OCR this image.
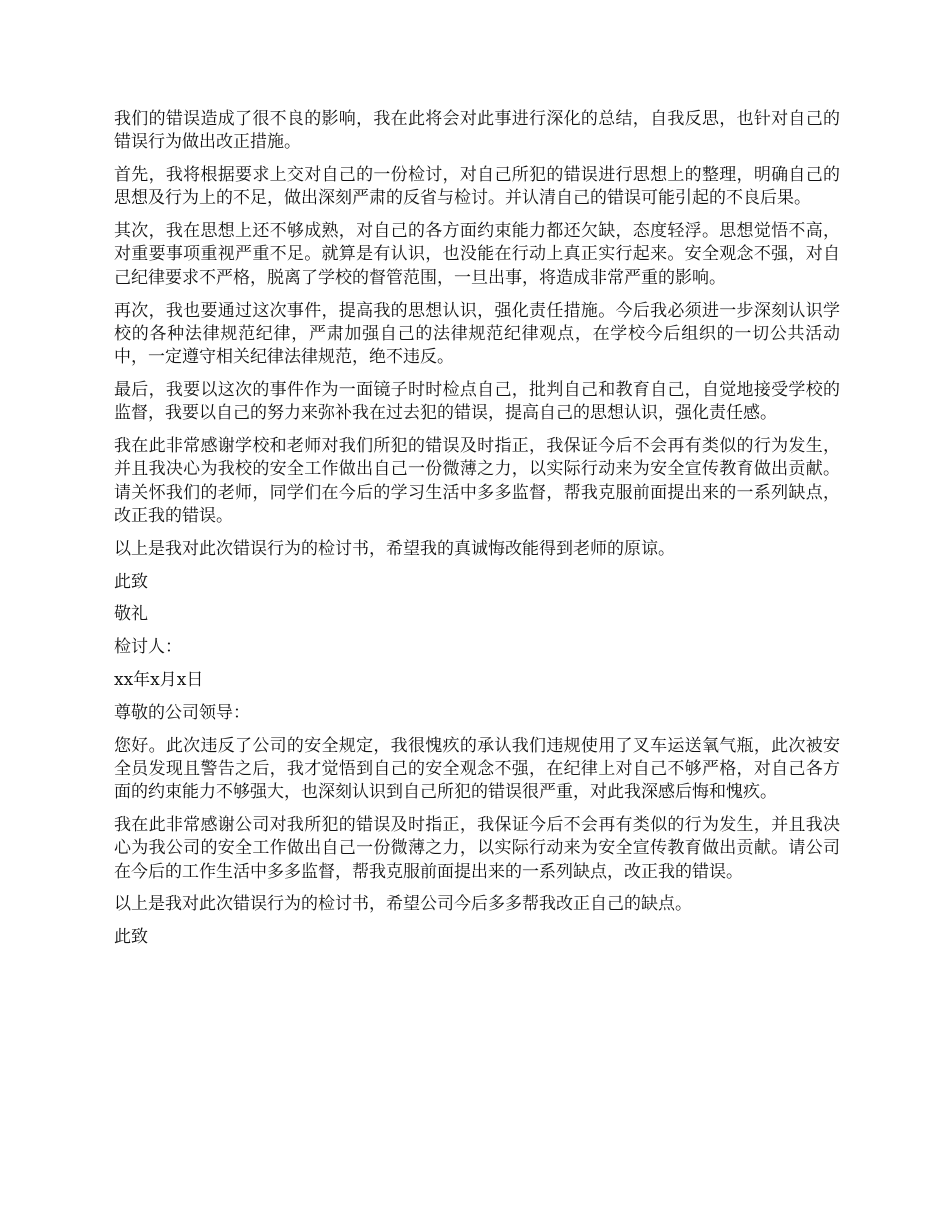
我们的错误造成了很不良的影响，我在此将会对此事进行深化的总结，自我反思，也针对自己的错误行为做出改正措施。

首先，我将根据要求上交对自己的一份检讨，对自己所犯的错误进行思想上的整理，明确自己的思想及行为上的不足，做出深刻严肃的反省与检讨。并认清自己的错误可能引起的不良后果。

其次，我在思想上还不够成熟，对自己的各方面约束能力都还欠缺，态度轻浮。思想觉悟不高，对重要事项重视严重不足。就算是有认识，也没能在行动上真正实行起来。安全观念不强，对自己纪律要求不严格，脱离了学校的督管范围，一旦出事，将造成非常严重的影响。

再次，我也要通过这次事件，提高我的思想认识，强化责任措施。今后我必须进一步深刻认识学校的各种法律规范纪律，严肃加强自己的法律规范纪律观点，在学校今后组织的一切公共活动中，一定遵守相关纪律法律规范，绝不违反。

最后，我要以这次的事件作为一面镜子时时检点自己，批判自己和教育自己，自觉地接受学校的监督，我要以自己的努力来弥补我在过去犯的错误，提高自己的思想认识，强化责任感。

我在此非常感谢学校和老师对我们所犯的错误及时指正，我保证今后不会再有类似的行为发生，并且我决心为我校的安全工作做出自己一份微薄之力，以实际行动来为安全宣传教育做出贡献。请关怀我们的老师，同学们在今后的学习生活中多多监督，帮我克服前面提出来的一系列缺点，改正我的错误。

以上是我对此次错误行为的检讨书，希望我的真诚悔改能得到老师的原谅。

此致

敬礼

检讨人：

xx年x月x日

尊敬的公司领导：

您好。此次违反了公司的安全规定，我很愧疚的承认我们违规使用了叉车运送氧气瓶，此次被安全员发现且警告之后，我才觉悟到自己的安全观念不强，在纪律上对自己不够严格，对自己各方面的约束能力不够强大，也深刻认识到自己所犯的错误很严重，对此我深感后悔和愧疚。

我在此非常感谢公司对我所犯的错误及时指正，我保证今后不会再有类似的行为发生，并且我决心为我公司的安全工作做出自己一份微薄之力，以实际行动来为安全宣传教育做出贡献。请公司在今后的工作生活中多多监督，帮我克服前面提出来的一系列缺点，改正我的错误。

以上是我对此次错误行为的检讨书，希望公司今后多多帮我改正自己的缺点。

此致
